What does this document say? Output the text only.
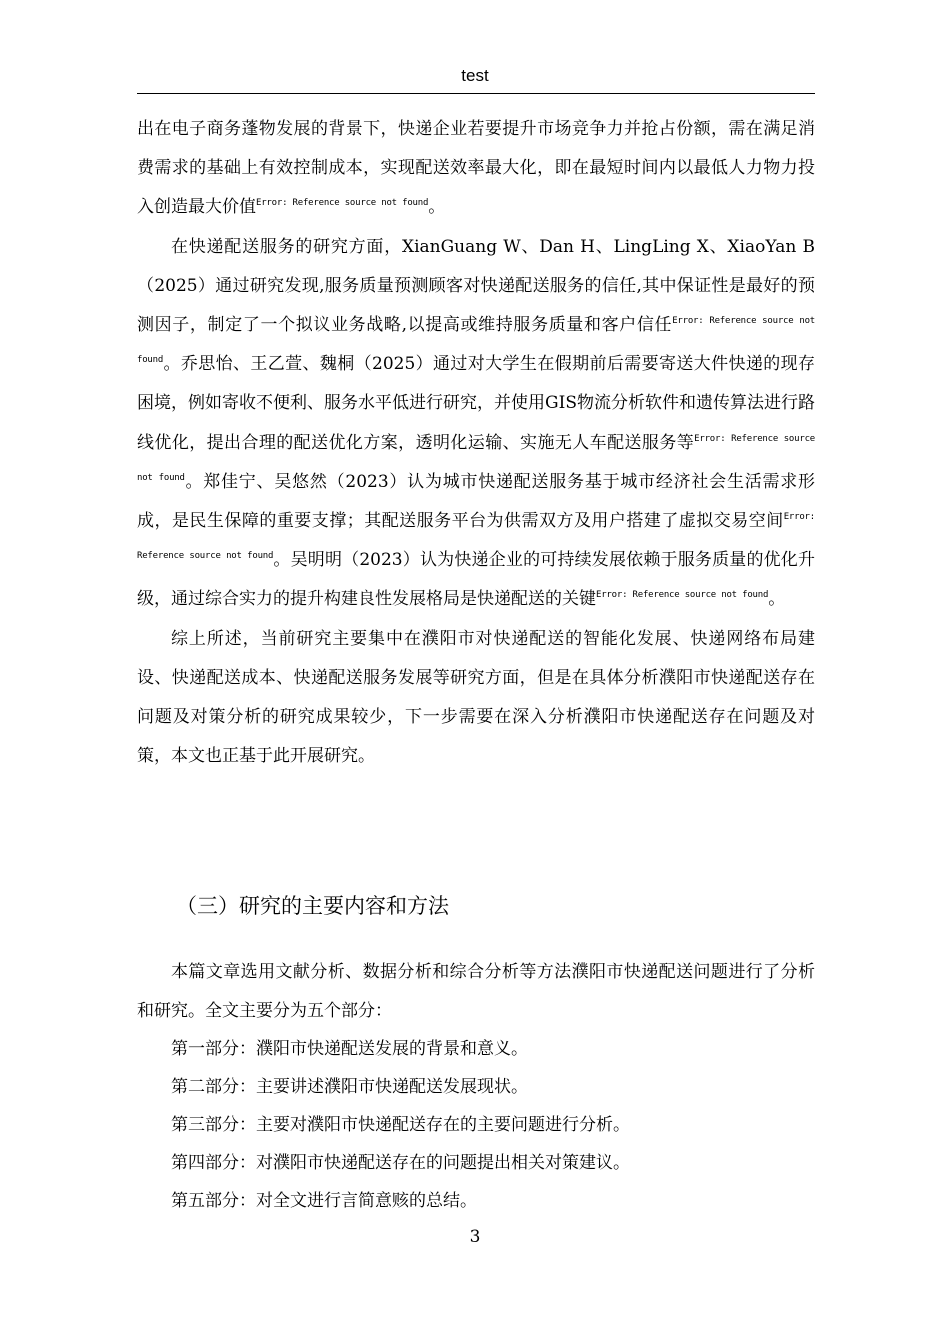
test

出在电子商务蓬物发展的背景下，快递企业若要提升市场竞争力并抢占份额，需在满足消费需求的基础上有效控制成本，实现配送效率最大化，即在最短时间内以最低人力物力投入创造最大价值$^{Error: Reference source not found}$。

在快递配送服务的研究方面，XianGuang W、Dan H、LingLing X、XiaoYan B（2025）通过研究发现,服务质量预测顾客对快递配送服务的信任,其中保证性是最好的预测因子，制定了一个拟议业务战略,以提高或维持服务质量和客户信任$^{Error: Reference source not found}$。乔思怡、王乙萱、魏桐（2025）通过对大学生在假期前后需要寄送大件快递的现存困境，例如寄收不便利、服务水平低进行研究，并使用GIS物流分析软件和遗传算法进行路线优化，提出合理的配送优化方案，透明化运输、实施无人车配送服务等$^{Error: Reference source not found}$。郑佳宁、吴悠然（2023）认为城市快递配送服务基于城市经济社会生活需求形成，是民生保障的重要支撑；其配送服务平台为供需双方及用户搭建了虚拟交易空间$^{Error: Reference source not found}$。吴明明（2023）认为快递企业的可持续发展依赖于服务质量的优化升级，通过综合实力的提升构建良性发展格局是快递配送的关键$^{Error: Reference source not found}$。

综上所述，当前研究主要集中在濮阳市对快递配送的智能化发展、快递网络布局建设、快递配送成本、快递配送服务发展等研究方面，但是在具体分析濮阳市快递配送存在问题及对策分析的研究成果较少，下一步需要在深入分析濮阳市快递配送存在问题及对策，本文也正基于此开展研究。

（三）研究的主要内容和方法

本篇文章选用文献分析、数据分析和综合分析等方法濮阳市快递配送问题进行了分析和研究。全文主要分为五个部分：

第一部分：濮阳市快递配送发展的背景和意义。

第二部分：主要讲述濮阳市快递配送发展现状。

第三部分：主要对濮阳市快递配送存在的主要问题进行分析。

第四部分：对濮阳市快递配送存在的问题提出相关对策建议。

第五部分：对全文进行言简意赅的总结。

3
